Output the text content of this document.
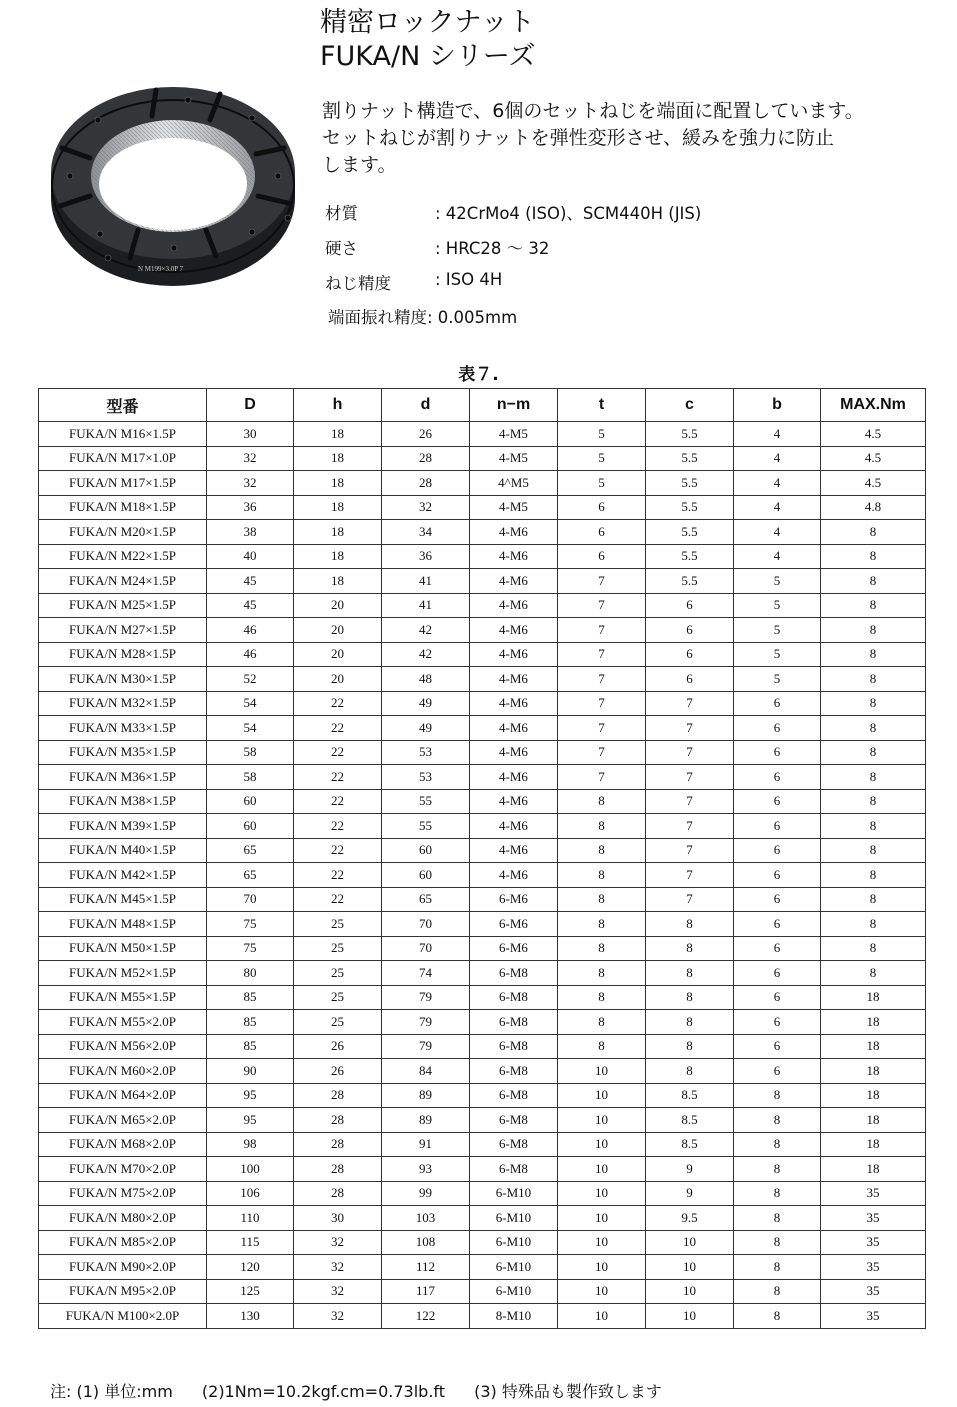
精密ロックナット
FUKA/N シリーズ
N M199×3.0P 7
割りナット構造で、6個のセットねじを端面に配置しています。
セットねじが割りナットを弾性変形させ、緩みを強力に防止
します。
材質	: 42CrMo4 (ISO)、SCM440H (JIS)
硬さ	: HRC28 ～ 32
ねじ精度	: ISO 4H
端面振れ精度: 0.005mm
表７.
型番	D	h	d	n−m	t	c	b	MAX.Nm
FUKA/N M16×1.5P	30	18	26	4-M5	5	5.5	4	4.5
FUKA/N M17×1.0P	32	18	28	4-M5	5	5.5	4	4.5
FUKA/N M17×1.5P	32	18	28	4^M5	5	5.5	4	4.5
FUKA/N M18×1.5P	36	18	32	4-M5	6	5.5	4	4.8
FUKA/N M20×1.5P	38	18	34	4-M6	6	5.5	4	8
FUKA/N M22×1.5P	40	18	36	4-M6	6	5.5	4	8
FUKA/N M24×1.5P	45	18	41	4-M6	7	5.5	5	8
FUKA/N M25×1.5P	45	20	41	4-M6	7	6	5	8
FUKA/N M27×1.5P	46	20	42	4-M6	7	6	5	8
FUKA/N M28×1.5P	46	20	42	4-M6	7	6	5	8
FUKA/N M30×1.5P	52	20	48	4-M6	7	6	5	8
FUKA/N M32×1.5P	54	22	49	4-M6	7	7	6	8
FUKA/N M33×1.5P	54	22	49	4-M6	7	7	6	8
FUKA/N M35×1.5P	58	22	53	4-M6	7	7	6	8
FUKA/N M36×1.5P	58	22	53	4-M6	7	7	6	8
FUKA/N M38×1.5P	60	22	55	4-M6	8	7	6	8
FUKA/N M39×1.5P	60	22	55	4-M6	8	7	6	8
FUKA/N M40×1.5P	65	22	60	4-M6	8	7	6	8
FUKA/N M42×1.5P	65	22	60	4-M6	8	7	6	8
FUKA/N M45×1.5P	70	22	65	6-M6	8	7	6	8
FUKA/N M48×1.5P	75	25	70	6-M6	8	8	6	8
FUKA/N M50×1.5P	75	25	70	6-M6	8	8	6	8
FUKA/N M52×1.5P	80	25	74	6-M8	8	8	6	8
FUKA/N M55×1.5P	85	25	79	6-M8	8	8	6	18
FUKA/N M55×2.0P	85	25	79	6-M8	8	8	6	18
FUKA/N M56×2.0P	85	26	79	6-M8	8	8	6	18
FUKA/N M60×2.0P	90	26	84	6-M8	10	8	6	18
FUKA/N M64×2.0P	95	28	89	6-M8	10	8.5	8	18
FUKA/N M65×2.0P	95	28	89	6-M8	10	8.5	8	18
FUKA/N M68×2.0P	98	28	91	6-M8	10	8.5	8	18
FUKA/N M70×2.0P	100	28	93	6-M8	10	9	8	18
FUKA/N M75×2.0P	106	28	99	6-M10	10	9	8	35
FUKA/N M80×2.0P	110	30	103	6-M10	10	9.5	8	35
FUKA/N M85×2.0P	115	32	108	6-M10	10	10	8	35
FUKA/N M90×2.0P	120	32	112	6-M10	10	10	8	35
FUKA/N M95×2.0P	125	32	117	6-M10	10	10	8	35
FUKA/N M100×2.0P	130	32	122	8-M10	10	10	8	35
注: (1) 単位:mm (2)1Nm=10.2kgf.cm=0.73lb.ft (3) 特殊品も製作致します
